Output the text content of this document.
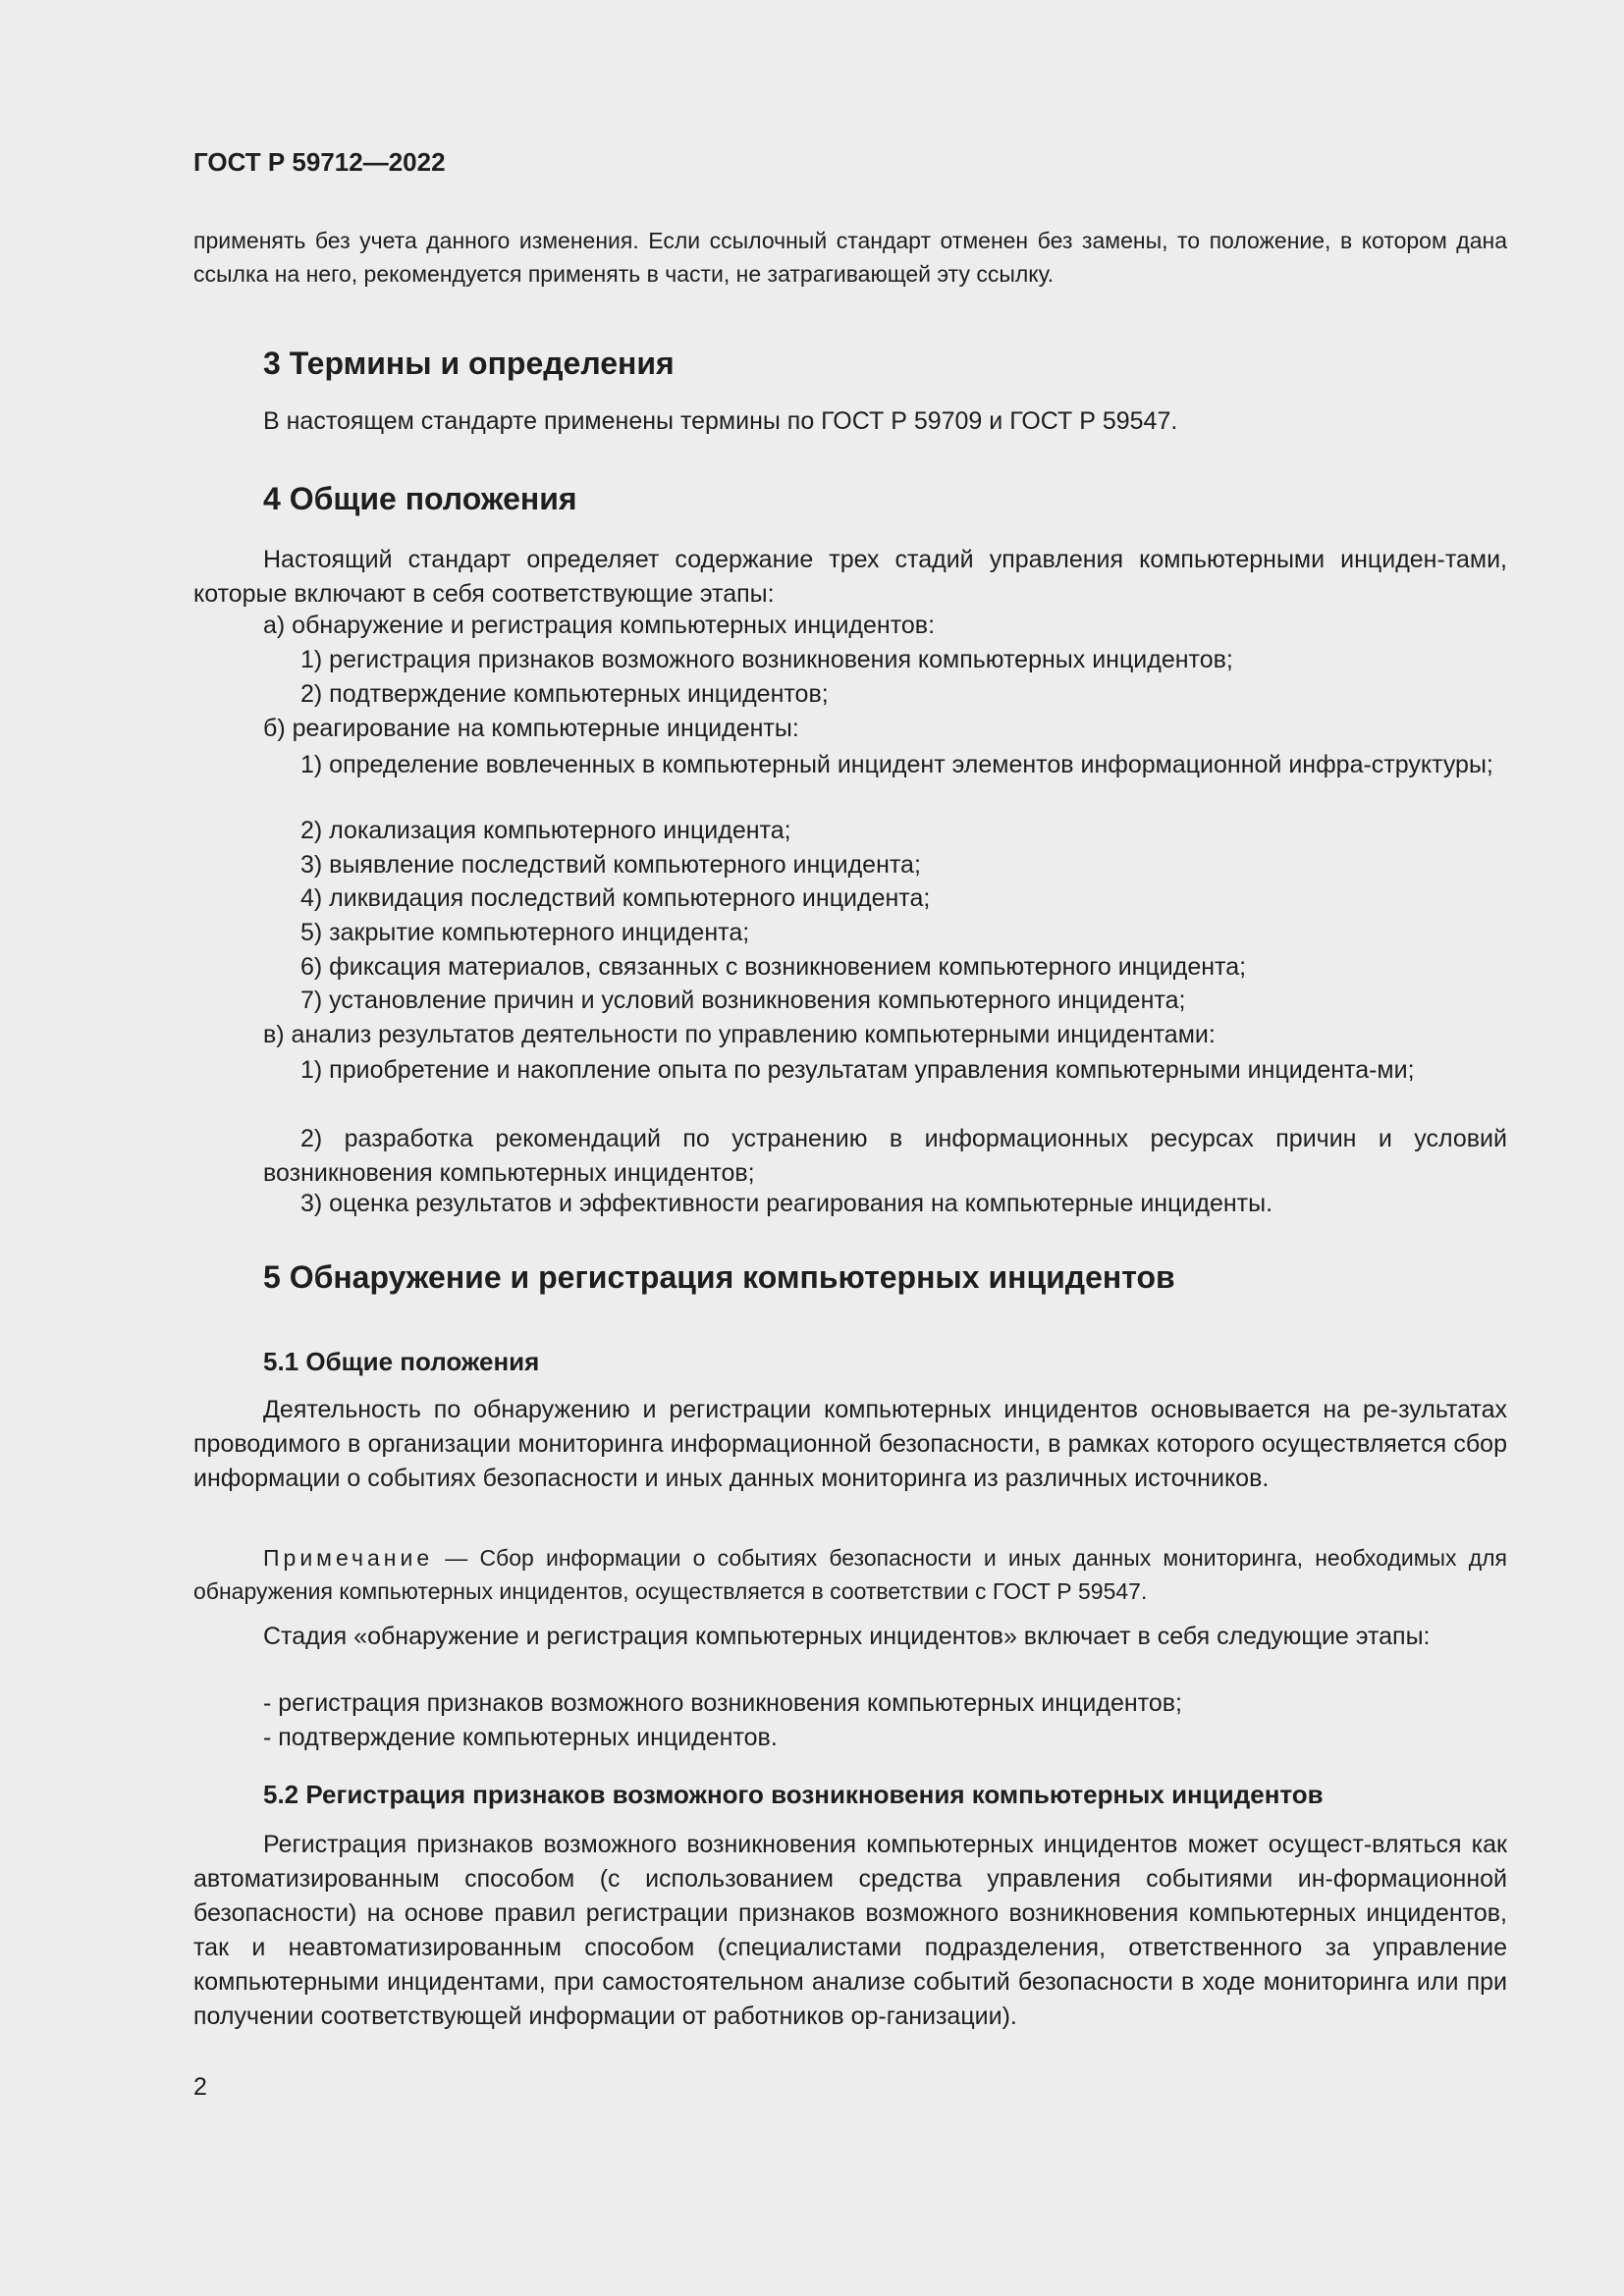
ГОСТ Р 59712—2022
применять без учета данного изменения. Если ссылочный стандарт отменен без замены, то положение, в котором дана ссылка на него, рекомендуется применять в части, не затрагивающей эту ссылку.
3 Термины и определения
В настоящем стандарте применены термины по ГОСТ Р 59709 и ГОСТ Р 59547.
4 Общие положения
Настоящий стандарт определяет содержание трех стадий управления компьютерными инциден-тами, которые включают в себя соответствующие этапы:
а) обнаружение и регистрация компьютерных инцидентов:
1) регистрация признаков возможного возникновения компьютерных инцидентов;
2) подтверждение компьютерных инцидентов;
б) реагирование на компьютерные инциденты:
1) определение вовлеченных в компьютерный инцидент элементов информационной инфра-структуры;
2) локализация компьютерного инцидента;
3) выявление последствий компьютерного инцидента;
4) ликвидация последствий компьютерного инцидента;
5) закрытие компьютерного инцидента;
6) фиксация материалов, связанных с возникновением компьютерного инцидента;
7) установление причин и условий возникновения компьютерного инцидента;
в) анализ результатов деятельности по управлению компьютерными инцидентами:
1) приобретение и накопление опыта по результатам управления компьютерными инцидента-ми;
2) разработка рекомендаций по устранению в информационных ресурсах причин и условий возникновения компьютерных инцидентов;
3) оценка результатов и эффективности реагирования на компьютерные инциденты.
5 Обнаружение и регистрация компьютерных инцидентов
5.1 Общие положения
Деятельность по обнаружению и регистрации компьютерных инцидентов основывается на ре-зультатах проводимого в организации мониторинга информационной безопасности, в рамках которого осуществляется сбор информации о событиях безопасности и иных данных мониторинга из различных источников.
Примечание — Сбор информации о событиях безопасности и иных данных мониторинга, необходимых для обнаружения компьютерных инцидентов, осуществляется в соответствии с ГОСТ Р 59547.
Стадия «обнаружение и регистрация компьютерных инцидентов» включает в себя следующие этапы:
- регистрация признаков возможного возникновения компьютерных инцидентов;
- подтверждение компьютерных инцидентов.
5.2 Регистрация признаков возможного возникновения компьютерных инцидентов
Регистрация признаков возможного возникновения компьютерных инцидентов может осущест-вляться как автоматизированным способом (с использованием средства управления событиями ин-формационной безопасности) на основе правил регистрации признаков возможного возникновения компьютерных инцидентов, так и неавтоматизированным способом (специалистами подразделения, ответственного за управление компьютерными инцидентами, при самостоятельном анализе событий безопасности в ходе мониторинга или при получении соответствующей информации от работников ор-ганизации).
2
